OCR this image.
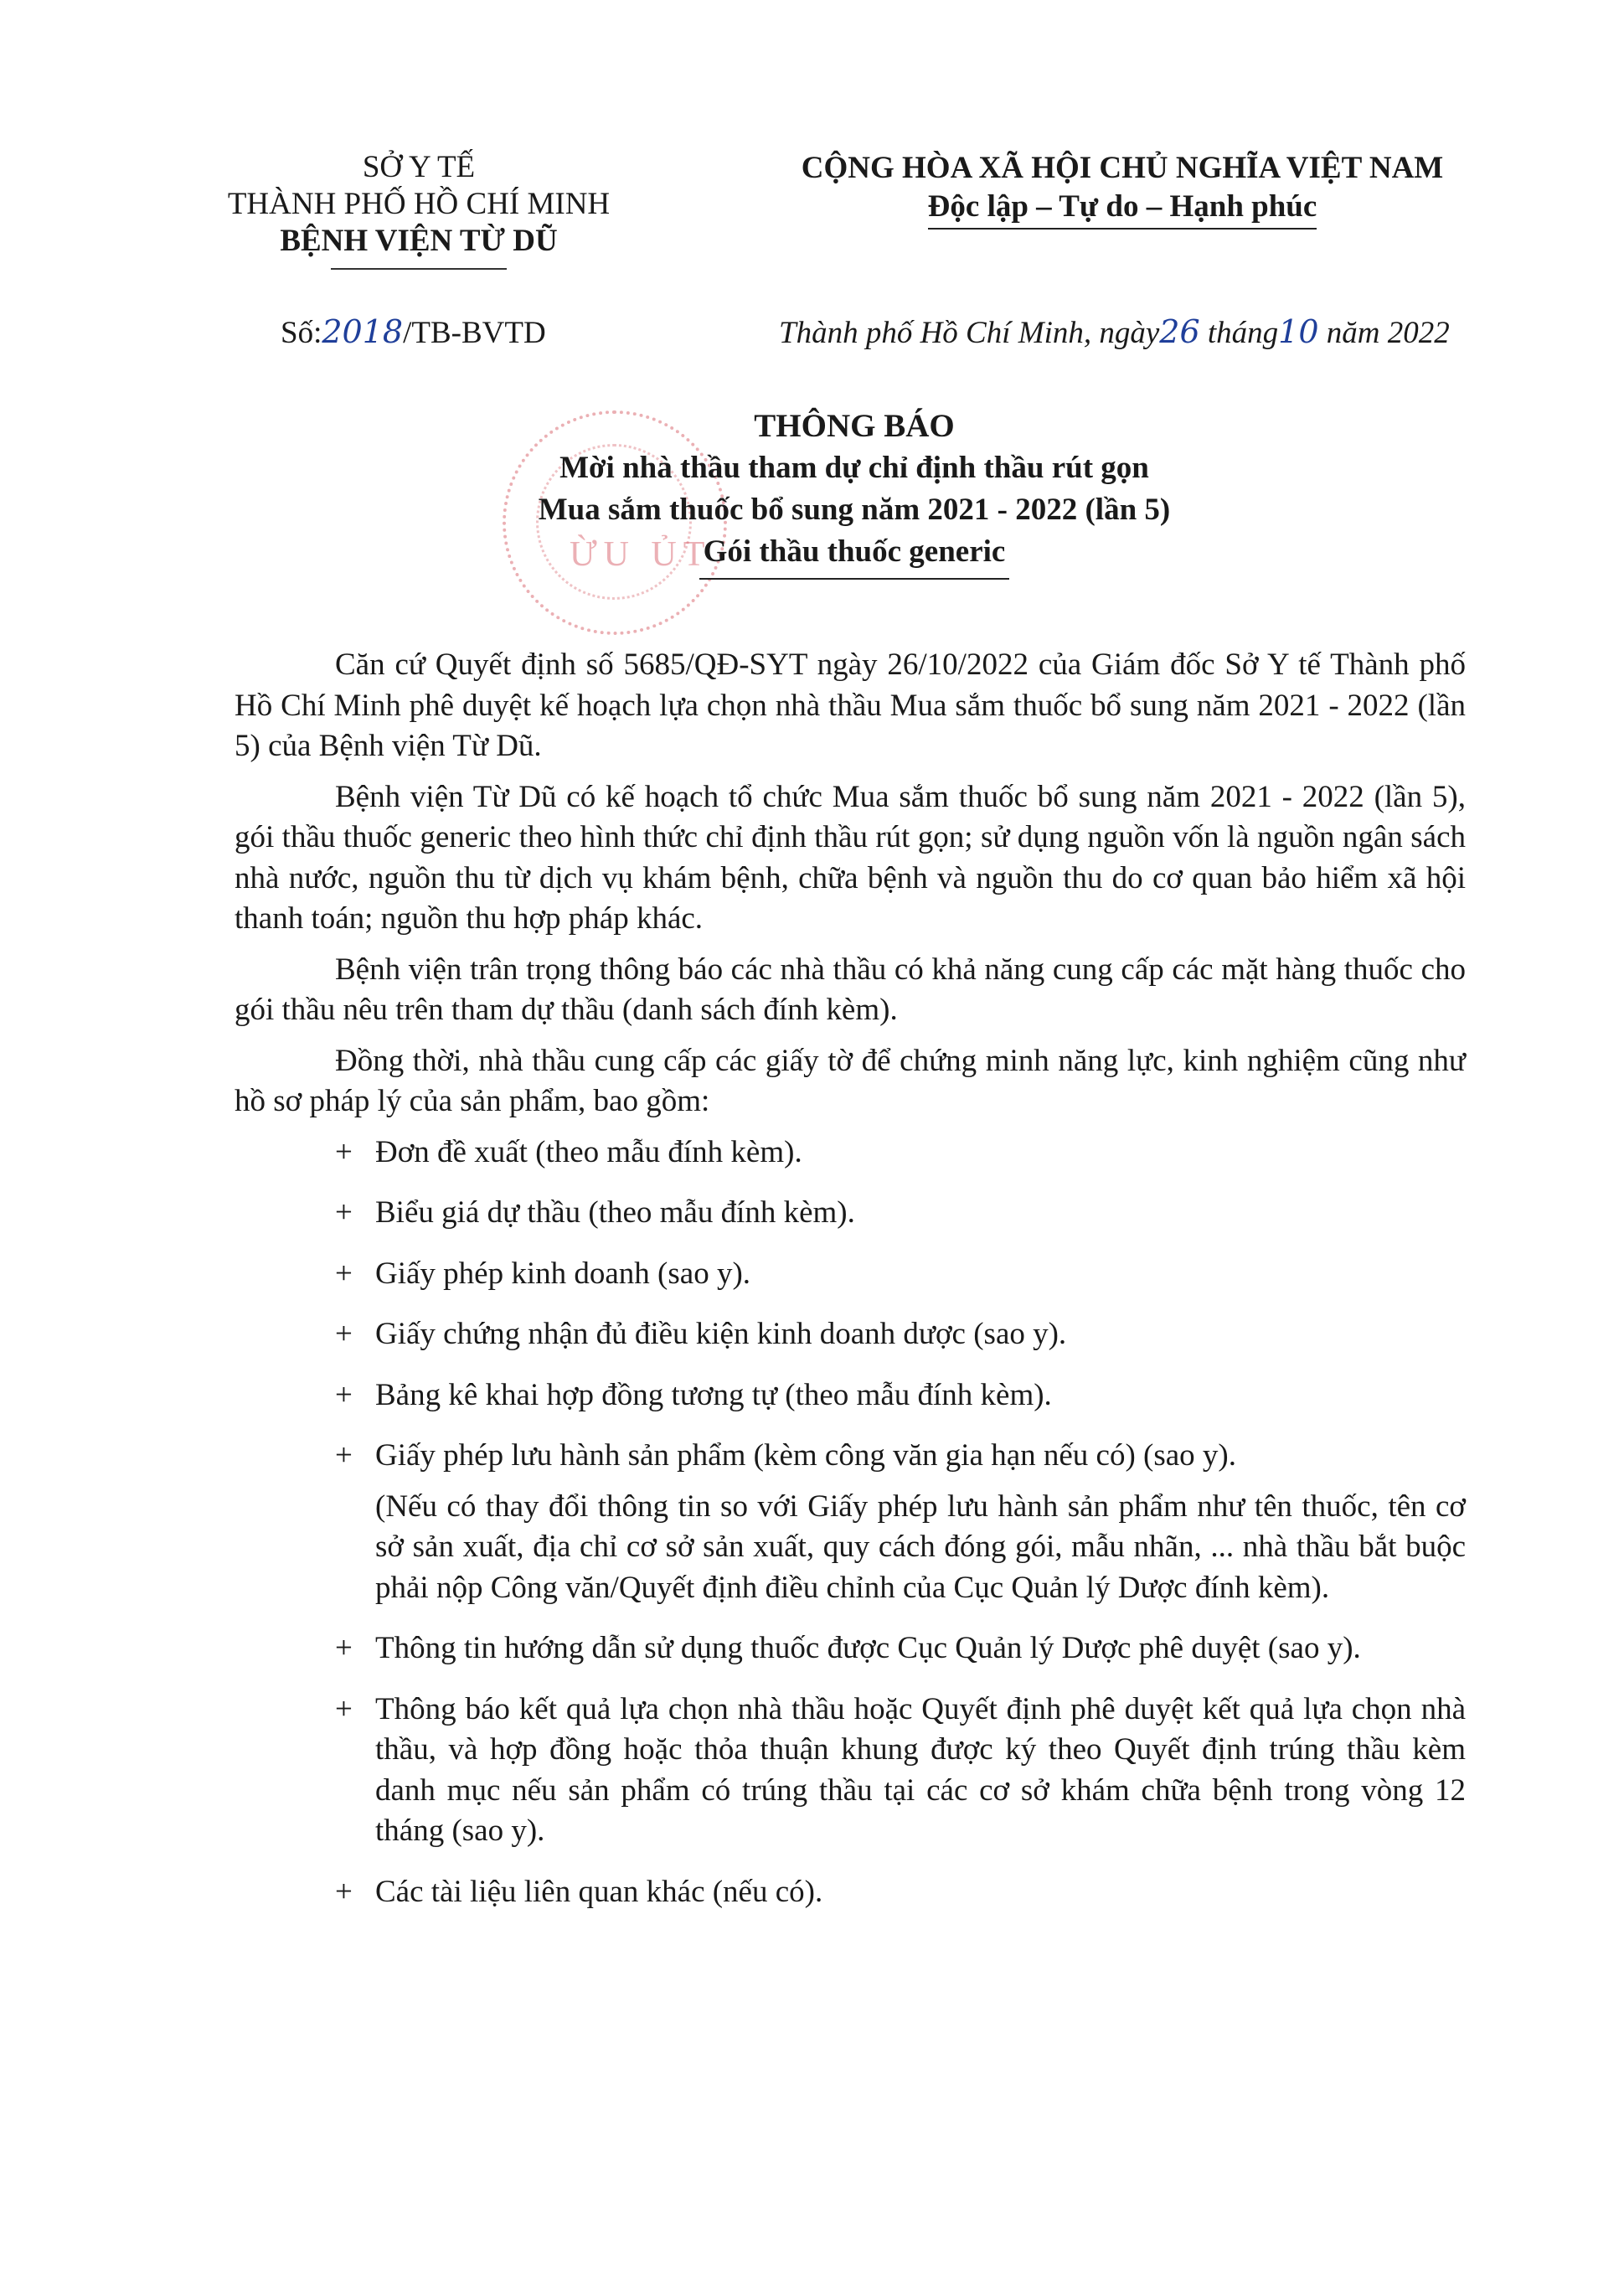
SỞ Y TẾ
THÀNH PHỐ HỒ CHÍ MINH
BỆNH VIỆN TỪ DŨ
CỘNG HÒA XÃ HỘI CHỦ NGHĨA VIỆT NAM
Độc lập – Tự do – Hạnh phúc
Số:2018/TB-BVTD	Thành phố Hồ Chí Minh, ngày26 tháng10 năm 2022
ỪU ỦT
THÔNG BÁO
Mời nhà thầu tham dự chỉ định thầu rút gọn
Mua sắm thuốc bổ sung năm 2021 - 2022 (lần 5)
Gói thầu thuốc generic

Căn cứ Quyết định số 5685/QĐ-SYT ngày 26/10/2022 của Giám đốc Sở Y tế Thành phố Hồ Chí Minh phê duyệt kế hoạch lựa chọn nhà thầu Mua sắm thuốc bổ sung năm 2021 - 2022 (lần 5) của Bệnh viện Từ Dũ.

Bệnh viện Từ Dũ có kế hoạch tổ chức Mua sắm thuốc bổ sung năm 2021 - 2022 (lần 5), gói thầu thuốc generic theo hình thức chỉ định thầu rút gọn; sử dụng nguồn vốn là nguồn ngân sách nhà nước, nguồn thu từ dịch vụ khám bệnh, chữa bệnh và nguồn thu do cơ quan bảo hiểm xã hội thanh toán; nguồn thu hợp pháp khác.

Bệnh viện trân trọng thông báo các nhà thầu có khả năng cung cấp các mặt hàng thuốc cho gói thầu nêu trên tham dự thầu (danh sách đính kèm).

Đồng thời, nhà thầu cung cấp các giấy tờ để chứng minh năng lực, kinh nghiệm cũng như hồ sơ pháp lý của sản phẩm, bao gồm:

+ Đơn đề xuất (theo mẫu đính kèm).
+ Biểu giá dự thầu (theo mẫu đính kèm).
+ Giấy phép kinh doanh (sao y).
+ Giấy chứng nhận đủ điều kiện kinh doanh dược (sao y).
+ Bảng kê khai hợp đồng tương tự (theo mẫu đính kèm).
+ Giấy phép lưu hành sản phẩm (kèm công văn gia hạn nếu có) (sao y).
(Nếu có thay đổi thông tin so với Giấy phép lưu hành sản phẩm như tên thuốc, tên cơ sở sản xuất, địa chỉ cơ sở sản xuất, quy cách đóng gói, mẫu nhãn, ... nhà thầu bắt buộc phải nộp Công văn/Quyết định điều chỉnh của Cục Quản lý Dược đính kèm).
+ Thông tin hướng dẫn sử dụng thuốc được Cục Quản lý Dược phê duyệt (sao y).
+ Thông báo kết quả lựa chọn nhà thầu hoặc Quyết định phê duyệt kết quả lựa chọn nhà thầu, và hợp đồng hoặc thỏa thuận khung được ký theo Quyết định trúng thầu kèm danh mục nếu sản phẩm có trúng thầu tại các cơ sở khám chữa bệnh trong vòng 12 tháng (sao y).
+ Các tài liệu liên quan khác (nếu có).
